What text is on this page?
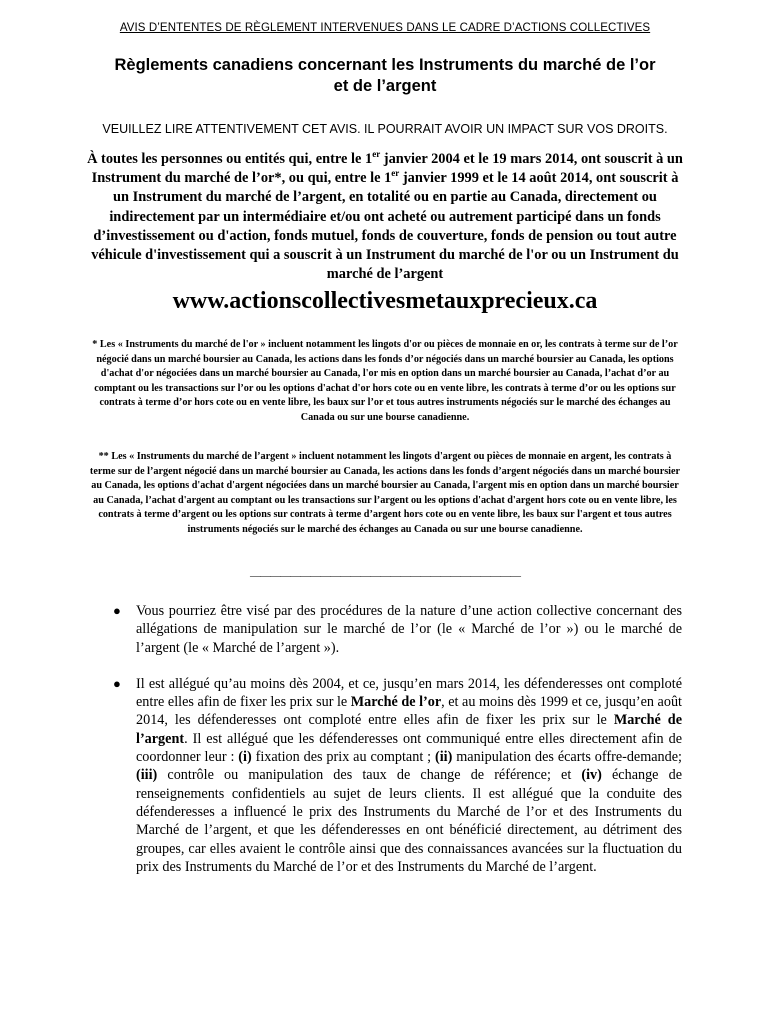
AVIS D’ENTENTES DE RÈGLEMENT INTERVENUES DANS LE CADRE D’ACTIONS COLLECTIVES
Règlements canadiens concernant les Instruments du marché de l’or
et de l’argent
VEUILLEZ LIRE ATTENTIVEMENT CET AVIS. IL POURRAIT AVOIR UN IMPACT SUR VOS DROITS.
À toutes les personnes ou entités qui, entre le 1er janvier 2004 et le 19 mars 2014, ont souscrit à un Instrument du marché de l’or*, ou qui, entre le 1er janvier 1999 et le 14 août 2014, ont souscrit à un Instrument du marché de l’argent, en totalité ou en partie au Canada, directement ou indirectement par un intermédiaire et/ou ont acheté ou autrement participé dans un fonds d’investissement ou d'action, fonds mutuel, fonds de couverture, fonds de pension ou tout autre véhicule d'investissement qui a souscrit à un Instrument du marché de l'or ou un Instrument du marché de l’argent
www.actionscollectivesmetauxprecieux.ca
* Les « Instruments du marché de l'or » incluent notamment les lingots d'or ou pièces de monnaie en or, les contrats à terme sur de l’or négocié dans un marché boursier au Canada, les actions dans les fonds d’or négociés dans un marché boursier au Canada, les options d'achat d'or négociées dans un marché boursier au Canada, l'or mis en option dans un marché boursier au Canada, l’achat d’or au comptant ou les transactions sur l’or ou les options d'achat d'or hors cote ou en vente libre, les contrats à terme d’or ou les options sur contrats à terme d’or hors cote ou en vente libre, les baux sur l’or et tous autres instruments négociés sur le marché des échanges au Canada ou sur une bourse canadienne.
** Les « Instruments du marché de l’argent » incluent notamment les lingots d'argent ou pièces de monnaie en argent, les contrats à terme sur de l’argent négocié dans un marché boursier au Canada, les actions dans les fonds d’argent négociés dans un marché boursier au Canada, les options d'achat d'argent négociées dans un marché boursier au Canada, l'argent mis en option dans un marché boursier au Canada, l’achat d'argent au comptant ou les transactions sur l’argent ou les options d'achat d'argent hors cote ou en vente libre, les contrats à terme d’argent ou les options sur contrats à terme d’argent hors cote ou en vente libre, les baux sur l'argent et tous autres instruments négociés sur le marché des échanges au Canada ou sur une bourse canadienne.
———————————————————————————
● Vous pourriez être visé par des procédures de la nature d’une action collective concernant des allégations de manipulation sur le marché de l’or (le « Marché de l’or ») ou le marché de l’argent (le « Marché de l’argent »).
● Il est allégué qu’au moins dès 2004, et ce, jusqu’en mars 2014, les défenderesses ont comploté entre elles afin de fixer les prix sur le Marché de l’or, et au moins dès 1999 et ce, jusqu’en août 2014, les défenderesses ont comploté entre elles afin de fixer les prix sur le Marché de l’argent. Il est allégué que les défenderesses ont communiqué entre elles directement afin de coordonner leur : (i) fixation des prix au comptant ; (ii) manipulation des écarts offre-demande; (iii) contrôle ou manipulation des taux de change de référence; et (iv) échange de renseignements confidentiels au sujet de leurs clients. Il est allégué que la conduite des défenderesses a influencé le prix des Instruments du Marché de l’or et des Instruments du Marché de l’argent, et que les défenderesses en ont bénéficié directement, au détriment des groupes, car elles avaient le contrôle ainsi que des connaissances avancées sur la fluctuation du prix des Instruments du Marché de l’or et des Instruments du Marché de l’argent.
